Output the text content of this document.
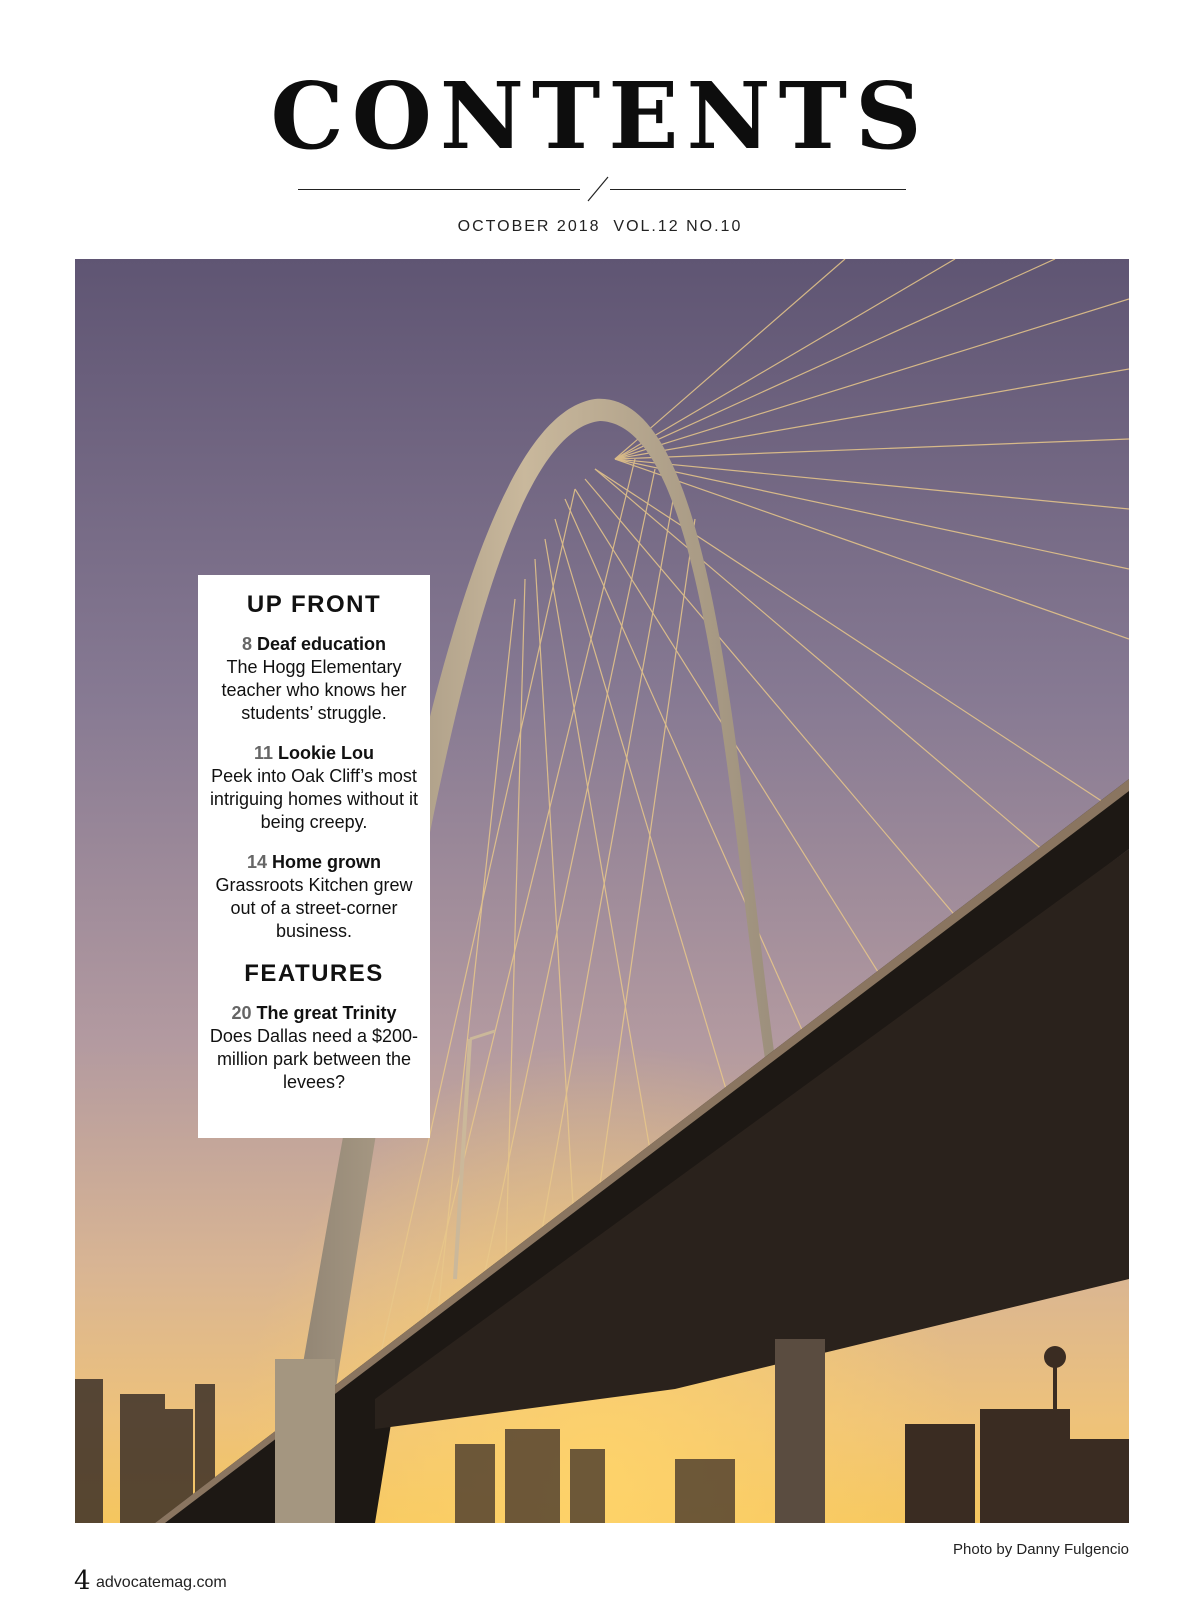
CONTENTS
OCTOBER 2018  VOL.12 NO.10
UP FRONT
8 Deaf education
The Hogg Elementary teacher who knows her students’ struggle.
11 Lookie Lou
Peek into Oak Cliff’s most intriguing homes without it being creepy.
14 Home grown
Grassroots Kitchen grew out of a street-corner business.
FEATURES
20 The great Trinity
Does Dallas need a $200-million park between the levees?
Photo by Danny Fulgencio
4 advocatemag.com
